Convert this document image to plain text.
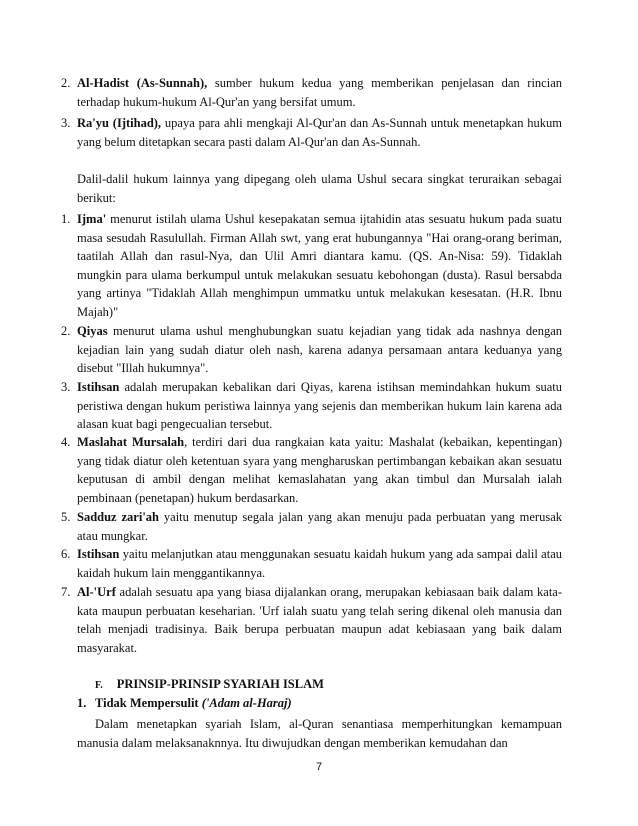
2. Al-Hadist (As-Sunnah), sumber hukum kedua yang memberikan penjelasan dan rincian terhadap hukum-hukum Al-Qur'an yang bersifat umum.
3. Ra'yu (Ijtihad), upaya para ahli mengkaji Al-Qur'an dan As-Sunnah untuk menetapkan hukum yang belum ditetapkan secara pasti dalam Al-Qur'an dan As-Sunnah.
Dalil-dalil hukum lainnya yang dipegang oleh ulama Ushul secara singkat teruraikan sebagai berikut:
1. Ijma' menurut istilah ulama Ushul kesepakatan semua ijtahidin atas sesuatu hukum pada suatu masa sesudah Rasulullah. Firman Allah swt, yang erat hubungannya "Hai orang-orang beriman, taatilah Allah dan rasul-Nya, dan Ulil Amri diantara kamu. (QS. An-Nisa: 59). Tidaklah mungkin para ulama berkumpul untuk melakukan sesuatu kebohongan (dusta). Rasul bersabda yang artinya "Tidaklah Allah menghimpun ummatku untuk melakukan kesesatan. (H.R. Ibnu Majah)"
2. Qiyas menurut ulama ushul menghubungkan suatu kejadian yang tidak ada nashnya dengan kejadian lain yang sudah diatur oleh nash, karena adanya persamaan antara keduanya yang disebut "Illah hukumnya".
3. Istihsan adalah merupakan kebalikan dari Qiyas, karena istihsan memindahkan hukum suatu peristiwa dengan hukum peristiwa lainnya yang sejenis dan memberikan hukum lain karena ada alasan kuat bagi pengecualian tersebut.
4. Maslahat Mursalah, terdiri dari dua rangkaian kata yaitu: Mashalat (kebaikan, kepentingan) yang tidak diatur oleh ketentuan syara yang mengharuskan pertimbangan kebaikan akan sesuatu keputusan di ambil dengan melihat kemaslahatan yang akan timbul dan Mursalah ialah pembinaan (penetapan) hukum berdasarkan.
5. Sadduz zari'ah yaitu menutup segala jalan yang akan menuju pada perbuatan yang merusak atau mungkar.
6. Istihsan yaitu melanjutkan atau menggunakan sesuatu kaidah hukum yang ada sampai dalil atau kaidah hukum lain menggantikannya.
7. Al-'Urf adalah sesuatu apa yang biasa dijalankan orang, merupakan kebiasaan baik dalam kata-kata maupun perbuatan keseharian. 'Urf ialah suatu yang telah sering dikenal oleh manusia dan telah menjadi tradisinya. Baik berupa perbuatan maupun adat kebiasaan yang baik dalam masyarakat.
F. PRINSIP-PRINSIP SYARIAH ISLAM
1. Tidak Mempersulit ('Adam al-Haraj)
Dalam menetapkan syariah Islam, al-Quran senantiasa memperhitungkan kemampuan manusia dalam melaksanaknnya. Itu diwujudkan dengan memberikan kemudahan dan
7
